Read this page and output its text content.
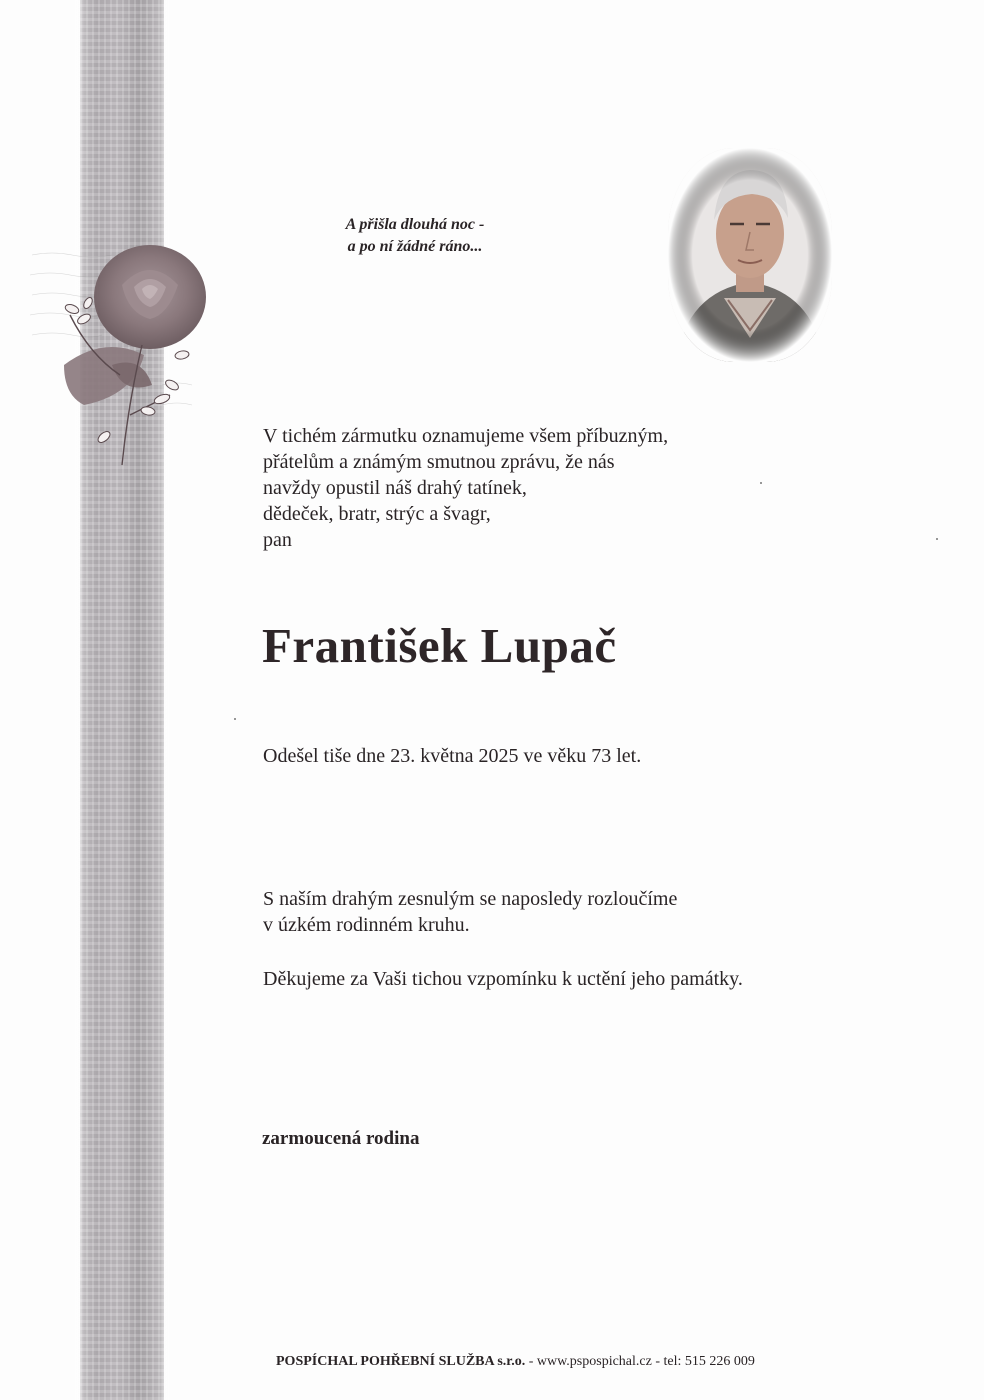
A přišla dlouhá noc -
a po ní žádné ráno...
V tichém zármutku oznamujeme všem příbuzným,
přátelům a známým smutnou zprávu, že nás
navždy opustil náš drahý tatínek,
dědeček, bratr, strýc a švagr,
pan
František Lupač
Odešel tiše dne 23. května 2025 ve věku 73 let.
S naším drahým zesnulým se naposledy rozloučíme
v úzkém rodinném kruhu.
Děkujeme za Vaši tichou vzpomínku k uctění jeho památky.
zarmoucená rodina
POSPÍCHAL POHŘEBNÍ SLUŽBA s.r.o. - www.pspospichal.cz - tel: 515 226 009
